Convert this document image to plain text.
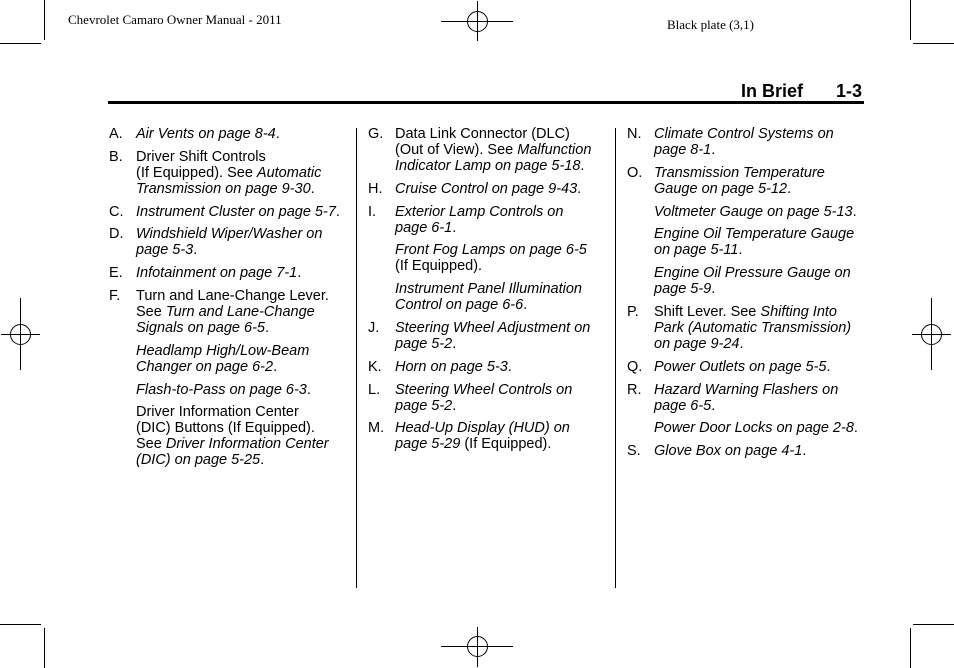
Chevrolet Camaro Owner Manual - 2011	Black plate (3,1)
In Brief 1-3
A. Air Vents on page 8-4.
B. Driver Shift Controls
(If Equipped). See Automatic
Transmission on page 9-30.
C. Instrument Cluster on page 5-7.
D. Windshield Wiper/Washer on
page 5-3.
E. Infotainment on page 7-1.
F. Turn and Lane-Change Lever.
See Turn and Lane-Change
Signals on page 6-5.
Headlamp High/Low-Beam
Changer on page 6-2.
Flash-to-Pass on page 6-3.
Driver Information Center
(DIC) Buttons (If Equipped).
See Driver Information Center
(DIC) on page 5-25.
G. Data Link Connector (DLC)
(Out of View). See Malfunction
Indicator Lamp on page 5-18.
H. Cruise Control on page 9-43.
I. Exterior Lamp Controls on
page 6-1.
Front Fog Lamps on page 6-5
(If Equipped).
Instrument Panel Illumination
Control on page 6-6.
J. Steering Wheel Adjustment on
page 5-2.
K. Horn on page 5-3.
L. Steering Wheel Controls on
page 5-2.
M. Head-Up Display (HUD) on
page 5-29 (If Equipped).
N. Climate Control Systems on
page 8-1.
O. Transmission Temperature
Gauge on page 5-12.
Voltmeter Gauge on page 5-13.
Engine Oil Temperature Gauge
on page 5-11.
Engine Oil Pressure Gauge on
page 5-9.
P. Shift Lever. See Shifting Into
Park (Automatic Transmission)
on page 9-24.
Q. Power Outlets on page 5-5.
R. Hazard Warning Flashers on
page 6-5.
Power Door Locks on page 2-8.
S. Glove Box on page 4-1.
